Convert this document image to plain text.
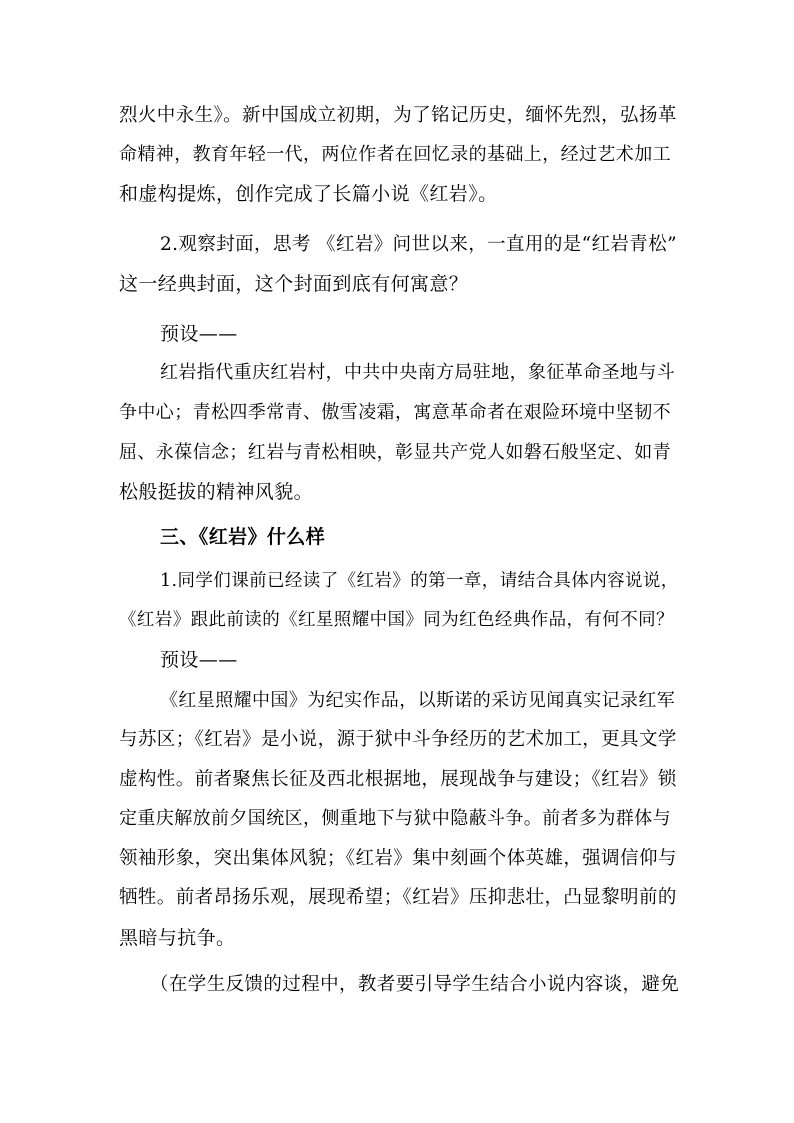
烈火中永生》。新中国成立初期，为了铭记历史，缅怀先烈，弘扬革
命精神，教育年轻一代，两位作者在回忆录的基础上，经过艺术加工
和虚构提炼，创作完成了长篇小说《红岩》。
2.观察封面，思考 《红岩》问世以来，一直用的是“红岩青松”
这一经典封面，这个封面到底有何寓意？
预设——
红岩指代重庆红岩村，中共中央南方局驻地，象征革命圣地与斗
争中心；青松四季常青、傲雪凌霜，寓意革命者在艰险环境中坚韧不
屈、永葆信念；红岩与青松相映，彰显共产党人如磐石般坚定、如青
松般挺拔的精神风貌。
三、《红岩》什么样
1.同学们课前已经读了《红岩》的第一章，请结合具体内容说说，
《红岩》跟此前读的《红星照耀中国》同为红色经典作品，有何不同？
预设——
《红星照耀中国》为纪实作品，以斯诺的采访见闻真实记录红军
与苏区；《红岩》是小说，源于狱中斗争经历的艺术加工，更具文学
虚构性。前者聚焦长征及西北根据地，展现战争与建设；《红岩》锁
定重庆解放前夕国统区，侧重地下与狱中隐蔽斗争。前者多为群体与
领袖形象，突出集体风貌；《红岩》集中刻画个体英雄，强调信仰与
牺牲。前者昂扬乐观，展现希望；《红岩》压抑悲壮，凸显黎明前的
黑暗与抗争。
（在学生反馈的过程中，教者要引导学生结合小说内容谈，避免
